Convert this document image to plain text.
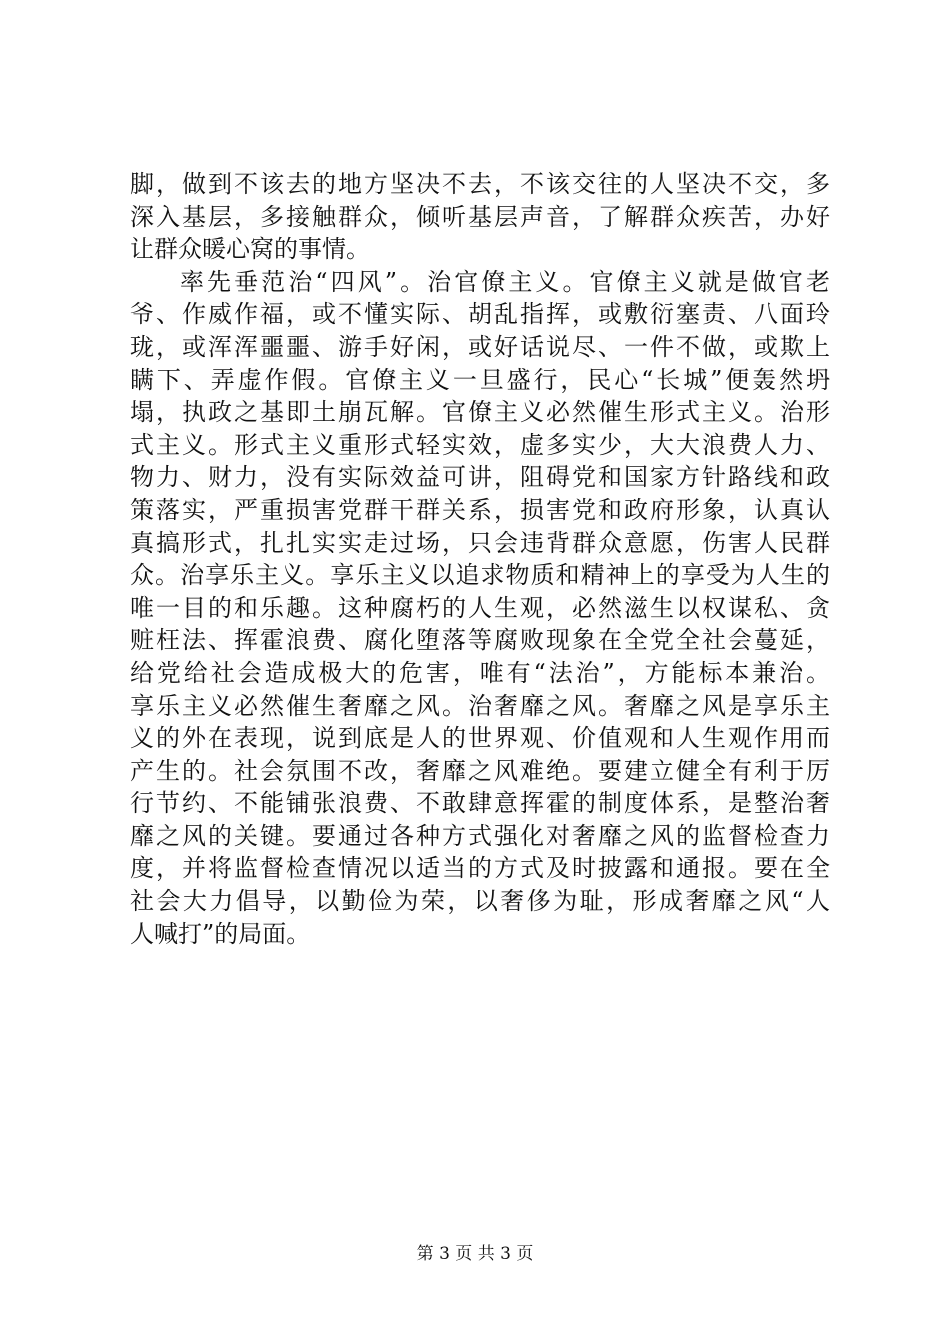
脚，做到不该去的地方坚决不去，不该交往的人坚决不交，多
深入基层，多接触群众，倾听基层声音，了解群众疾苦，办好
让群众暖心窝的事情。
率先垂范治“四风”。治官僚主义。官僚主义就是做官老
爷、作威作福，或不懂实际、胡乱指挥，或敷衍塞责、八面玲
珑，或浑浑噩噩、游手好闲，或好话说尽、一件不做，或欺上
瞒下、弄虚作假。官僚主义一旦盛行，民心“长城”便轰然坍
塌，执政之基即土崩瓦解。官僚主义必然催生形式主义。治形
式主义。形式主义重形式轻实效，虚多实少，大大浪费人力、
物力、财力，没有实际效益可讲，阻碍党和国家方针路线和政
策落实，严重损害党群干群关系，损害党和政府形象，认真认
真搞形式，扎扎实实走过场，只会违背群众意愿，伤害人民群
众。治享乐主义。享乐主义以追求物质和精神上的享受为人生的
唯一目的和乐趣。这种腐朽的人生观，必然滋生以权谋私、贪
赃枉法、挥霍浪费、腐化堕落等腐败现象在全党全社会蔓延，
给党给社会造成极大的危害，唯有“法治”，方能标本兼治。
享乐主义必然催生奢靡之风。治奢靡之风。奢靡之风是享乐主
义的外在表现，说到底是人的世界观、价值观和人生观作用而
产生的。社会氛围不改，奢靡之风难绝。要建立健全有利于厉
行节约、不能铺张浪费、不敢肆意挥霍的制度体系，是整治奢
靡之风的关键。要通过各种方式强化对奢靡之风的监督检查力
度，并将监督检查情况以适当的方式及时披露和通报。要在全
社会大力倡导，以勤俭为荣，以奢侈为耻，形成奢靡之风“人
人喊打”的局面。
第 3 页 共 3 页
